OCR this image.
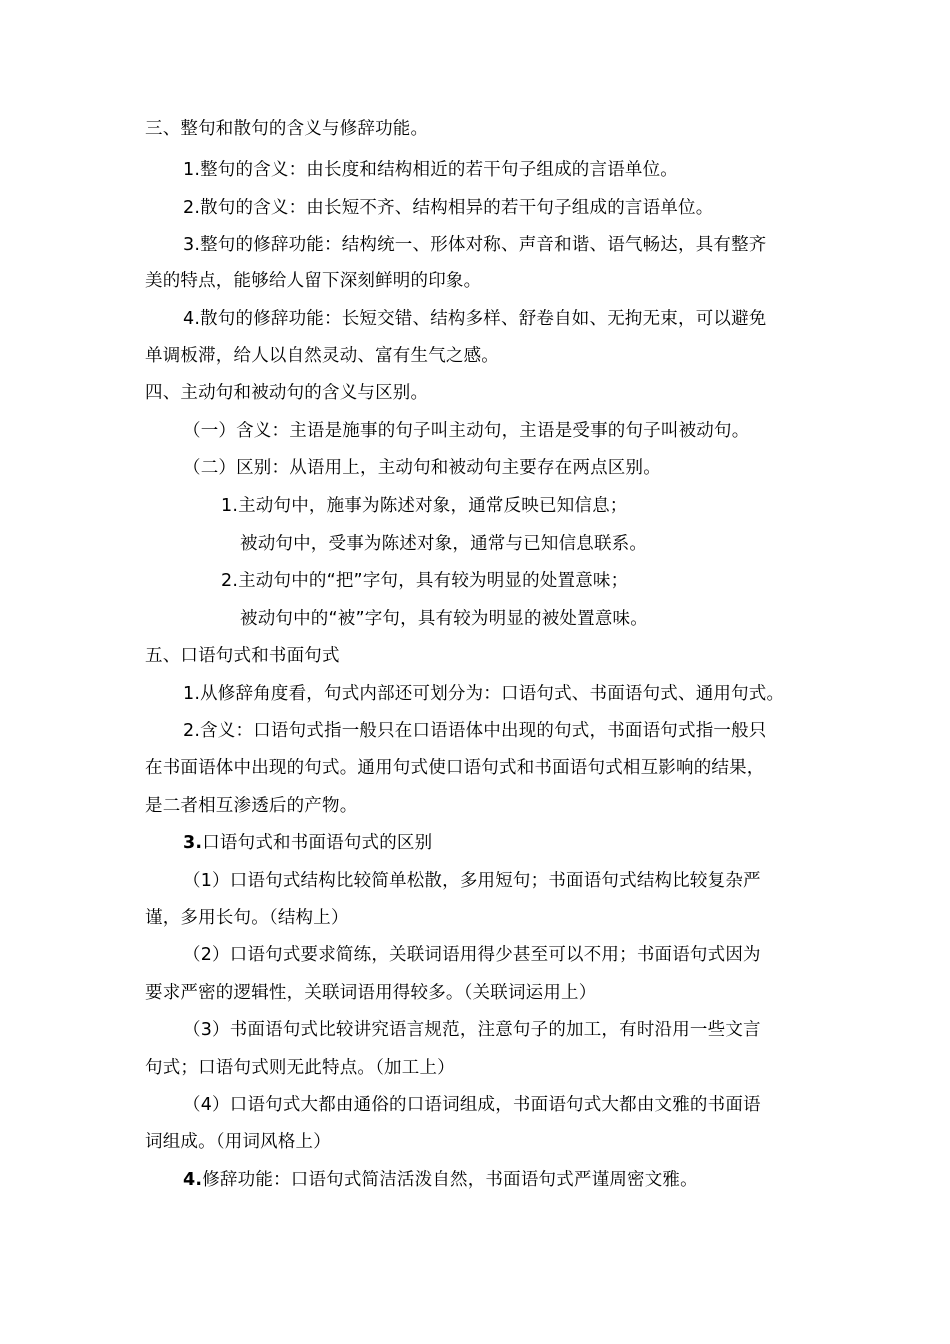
三、整句和散句的含义与修辞功能。
1.整句的含义：由长度和结构相近的若干句子组成的言语单位。
2.散句的含义：由长短不齐、结构相异的若干句子组成的言语单位。
3.整句的修辞功能：结构统一、形体对称、声音和谐、语气畅达，具有整齐
美的特点，能够给人留下深刻鲜明的印象。
4.散句的修辞功能：长短交错、结构多样、舒卷自如、无拘无束，可以避免
单调板滞，给人以自然灵动、富有生气之感。
四、主动句和被动句的含义与区别。
（一）含义：主语是施事的句子叫主动句，主语是受事的句子叫被动句。
（二）区别：从语用上，主动句和被动句主要存在两点区别。
1.主动句中，施事为陈述对象，通常反映已知信息；
被动句中，受事为陈述对象，通常与已知信息联系。
2.主动句中的“把”字句，具有较为明显的处置意味；
被动句中的“被”字句，具有较为明显的被处置意味。
五、口语句式和书面句式
1.从修辞角度看，句式内部还可划分为：口语句式、书面语句式、通用句式。
2.含义：口语句式指一般只在口语语体中出现的句式，书面语句式指一般只
在书面语体中出现的句式。通用句式使口语句式和书面语句式相互影响的结果，
是二者相互渗透后的产物。
3.口语句式和书面语句式的区别
（1）口语句式结构比较简单松散，多用短句；书面语句式结构比较复杂严
谨，多用长句。（结构上）
（2）口语句式要求简练，关联词语用得少甚至可以不用；书面语句式因为
要求严密的逻辑性，关联词语用得较多。（关联词运用上）
（3）书面语句式比较讲究语言规范，注意句子的加工，有时沿用一些文言
句式；口语句式则无此特点。（加工上）
（4）口语句式大都由通俗的口语词组成，书面语句式大都由文雅的书面语
词组成。（用词风格上）
4.修辞功能：口语句式简洁活泼自然，书面语句式严谨周密文雅。
